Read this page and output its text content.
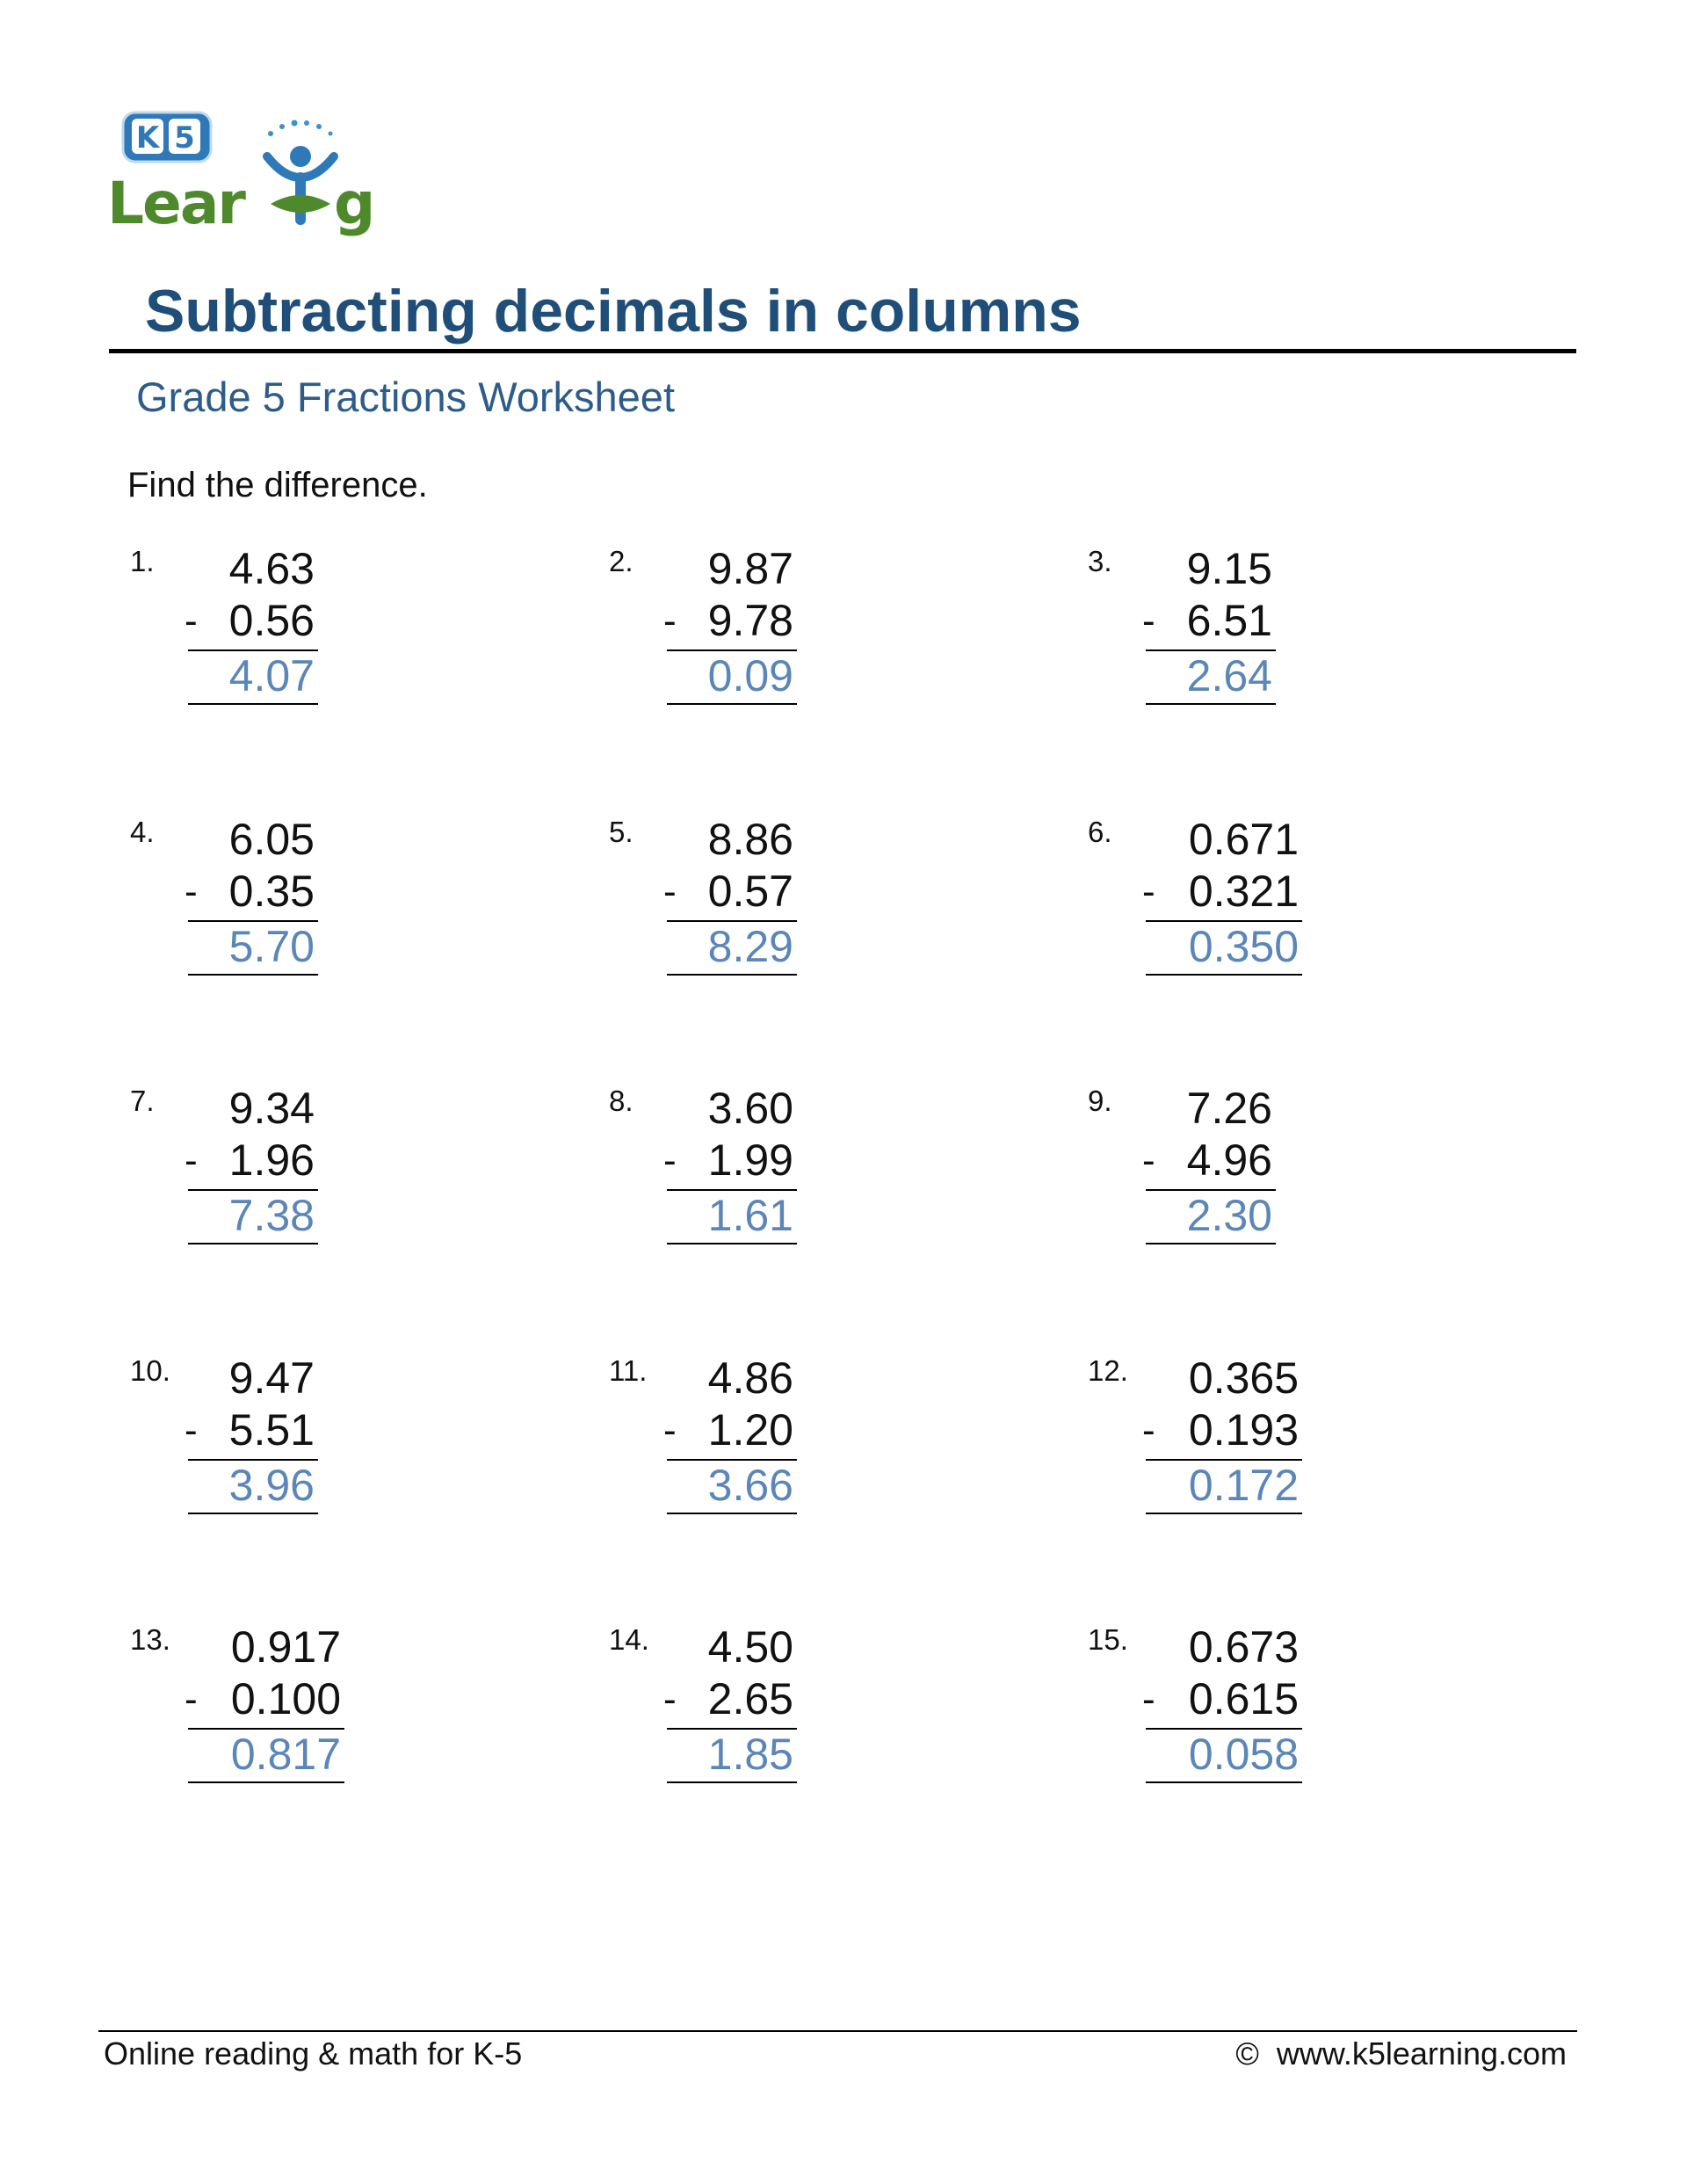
K 5
Lear g
Subtracting decimals in columns
Grade 5 Fractions Worksheet
Find the difference.
1. 4.63
- 0.56
4.07
2. 9.87
- 9.78
0.09
3. 9.15
- 6.51
2.64
4. 6.05
- 0.35
5.70
5. 8.86
- 0.57
8.29
6. 0.671
- 0.321
0.350
7. 9.34
- 1.96
7.38
8. 3.60
- 1.99
1.61
9. 7.26
- 4.96
2.30
10. 9.47
- 5.51
3.96
11. 4.86
- 1.20
3.66
12. 0.365
- 0.193
0.172
13. 0.917
- 0.100
0.817
14. 4.50
- 2.65
1.85
15. 0.673
- 0.615
0.058
Online reading & math for K-5	© www.k5learning.com
